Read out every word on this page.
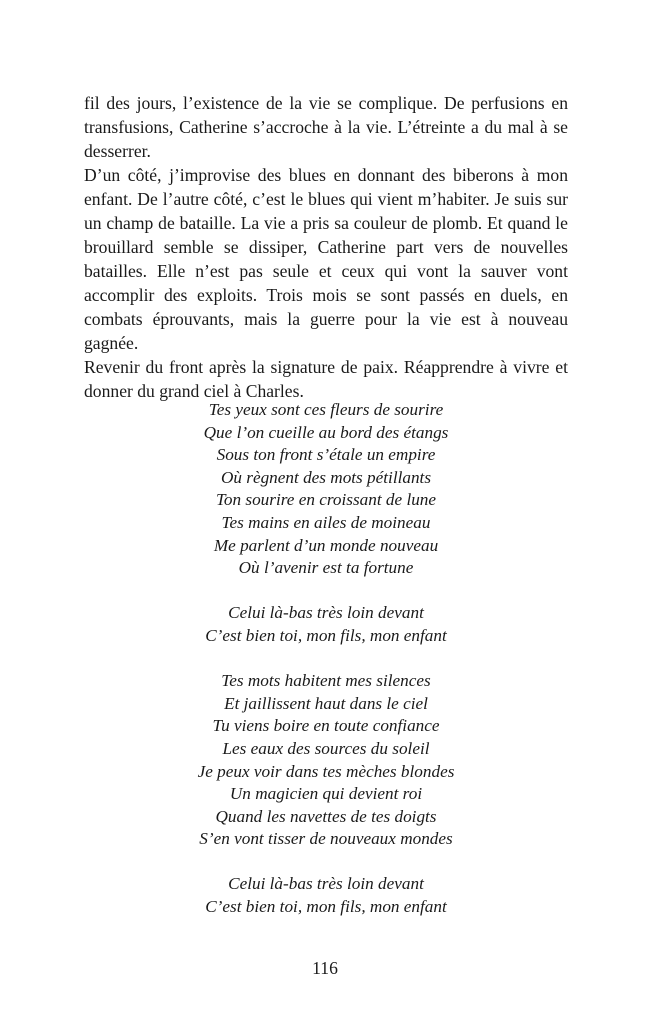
fil des jours, l’existence de la vie se complique. De perfusions en transfusions, Catherine s’accroche à la vie. L’étreinte a du mal à se desserrer.

D’un côté, j’improvise des blues en donnant des biberons à mon enfant. De l’autre côté, c’est le blues qui vient m’habiter. Je suis sur un champ de bataille. La vie a pris sa couleur de plomb. Et quand le brouillard semble se dissiper, Catherine part vers de nouvelles batailles. Elle n’est pas seule et ceux qui vont la sauver vont accomplir des exploits. Trois mois se sont passés en duels, en combats éprouvants, mais la guerre pour la vie est à nouveau gagnée.

Revenir du front après la signature de paix. Réapprendre à vivre et donner du grand ciel à Charles.

Tes yeux sont ces fleurs de sourire
Que l’on cueille au bord des étangs
Sous ton front s’étale un empire
Où règnent des mots pétillants
Ton sourire en croissant de lune
Tes mains en ailes de moineau
Me parlent d’un monde nouveau
Où l’avenir est ta fortune
Celui là-bas très loin devant
C’est bien toi, mon fils, mon enfant
Tes mots habitent mes silences
Et jaillissent haut dans le ciel
Tu viens boire en toute confiance
Les eaux des sources du soleil
Je peux voir dans tes mèches blondes
Un magicien qui devient roi
Quand les navettes de tes doigts
S’en vont tisser de nouveaux mondes
Celui là-bas très loin devant
C’est bien toi, mon fils, mon enfant
116
